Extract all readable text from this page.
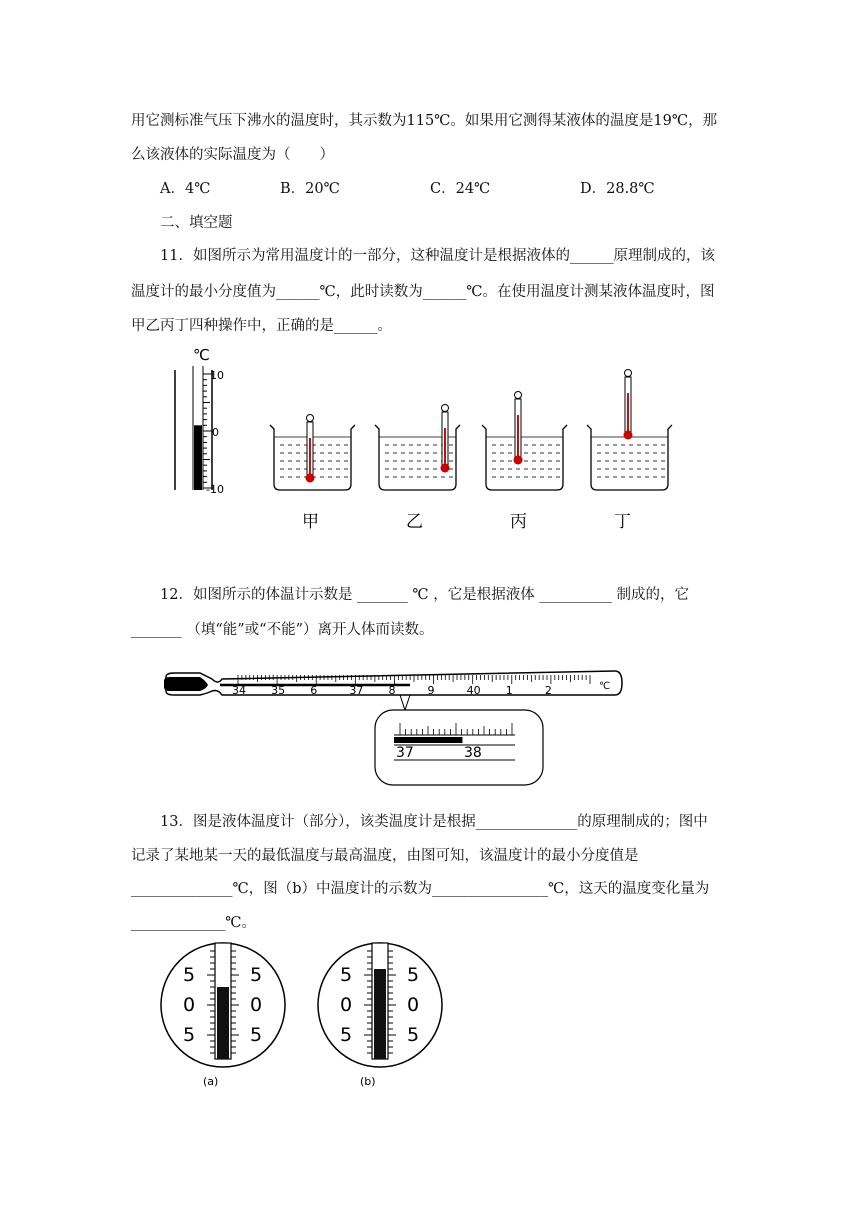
用它测标准气压下沸水的温度时，其示数为115℃。如果用它测得某液体的温度是19℃，那
么该液体的实际温度为（　　）
A．4℃	B．20℃	C．24℃	D．28.8℃
二、填空题
11．如图所示为常用温度计的一部分，这种温度计是根据液体的______原理制成的，该
温度计的最小分度值为______℃，此时读数为______℃。在使用温度计测某液体温度时，图
甲乙丙丁四种操作中，正确的是______。
℃
10
0
-10
甲	乙	丙	丁
12．如图所示的体温计示数是 _______ ℃ ，它是根据液体 __________ 制成的，它
_______ （填“能”或“不能”）离开人体而读数。
34 35 6	37 8	9	40 1	2	℃
37	38
13．图是液体温度计（部分），该类温度计是根据______________的原理制成的；图中
记录了某地某一天的最低温度与最高温度，由图可知，该温度计的最小分度值是
______________℃，图（b）中温度计的示数为________________℃，这天的温度变化量为
_____________℃。
5
0
5
5
0
5
(a)
5
0
5
5
0
5
(b)
